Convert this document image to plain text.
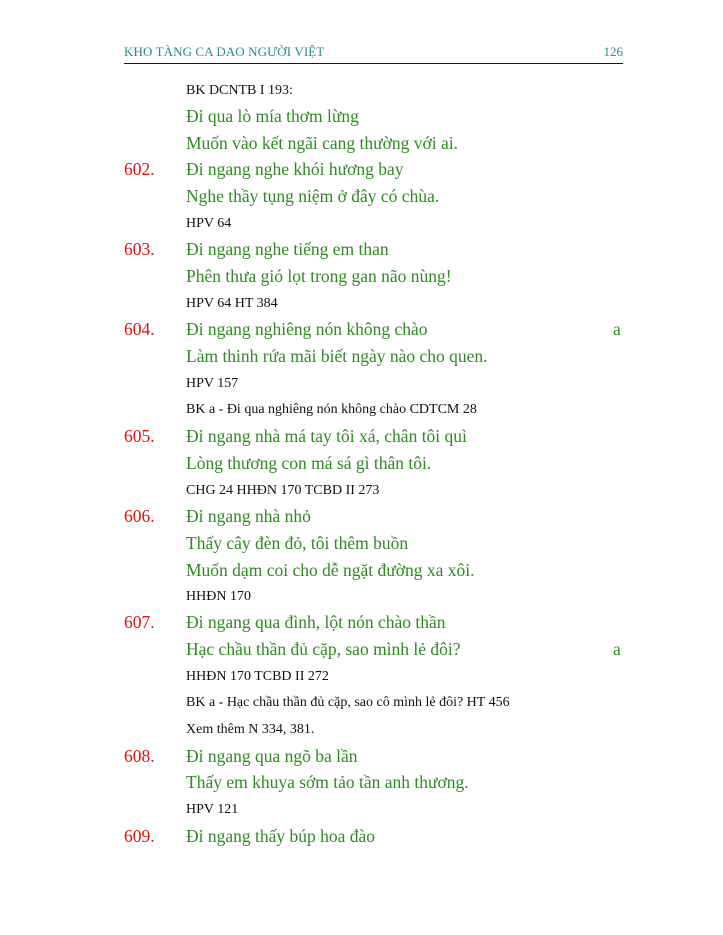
KHO TÀNG CA DAO NGƯỜI VIỆT	126
BK DCNTB I 193:
Đi qua lò mía thơm lừng
Muốn vào kết ngãi cang thường với ai.
602. Đi ngang nghe khói hương bay
Nghe thầy tụng niệm ở đây có chùa.
HPV 64
603. Đi ngang nghe tiếng em than
Phên thưa gió lọt trong gan não nùng!
HPV 64 HT 384
604. Đi ngang nghiêng nón không chào	a
Làm thinh rứa mãi biết ngày nào cho quen.
HPV 157
BK a - Đi qua nghiêng nón không chào CDTCM 28
605. Đi ngang nhà má tay tôi xá, chân tôi quì
Lòng thương con má sá gì thân tôi.
CHG 24 HHĐN 170 TCBD II 273
606. Đi ngang nhà nhỏ
Thấy cây đèn đỏ, tôi thêm buồn
Muốn dạm coi cho dễ ngặt đường xa xôi.
HHĐN 170
607. Đi ngang qua đình, lột nón chào thần
Hạc chầu thần đủ cặp, sao mình lẻ đôi?	a
HHĐN 170 TCBD II 272
BK a - Hạc chầu thần đủ cặp, sao cô mình lẻ đôi? HT 456
Xem thêm N 334, 381.
608. Đi ngang qua ngõ ba lần
Thấy em khuya sớm tảo tần anh thương.
HPV 121
609. Đi ngang thấy búp hoa đào
